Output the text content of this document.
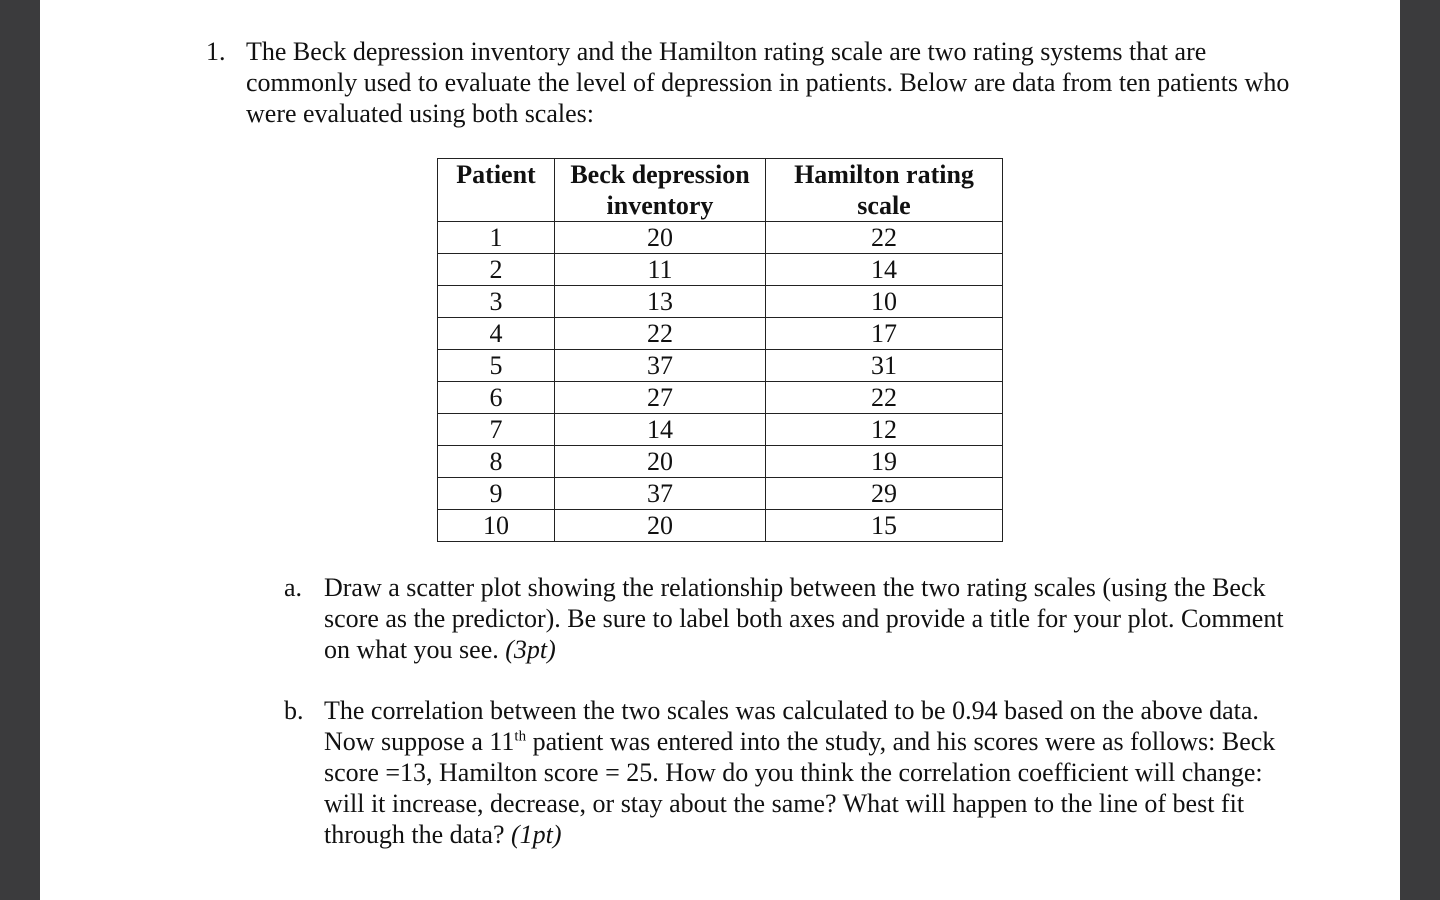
1. The Beck depression inventory and the Hamilton rating scale are two rating systems that are commonly used to evaluate the level of depression in patients. Below are data from ten patients who were evaluated using both scales:
Patient	Beck depression inventory	Hamilton rating scale
1	20	22
2	11	14
3	13	10
4	22	17
5	37	31
6	27	22
7	14	12
8	20	19
9	37	29
10	20	15
a. Draw a scatter plot showing the relationship between the two rating scales (using the Beck score as the predictor). Be sure to label both axes and provide a title for your plot. Comment on what you see. (3pt)
b. The correlation between the two scales was calculated to be 0.94 based on the above data. Now suppose a 11th patient was entered into the study, and his scores were as follows: Beck score =13, Hamilton score = 25. How do you think the correlation coefficient will change: will it increase, decrease, or stay about the same? What will happen to the line of best fit through the data? (1pt)
